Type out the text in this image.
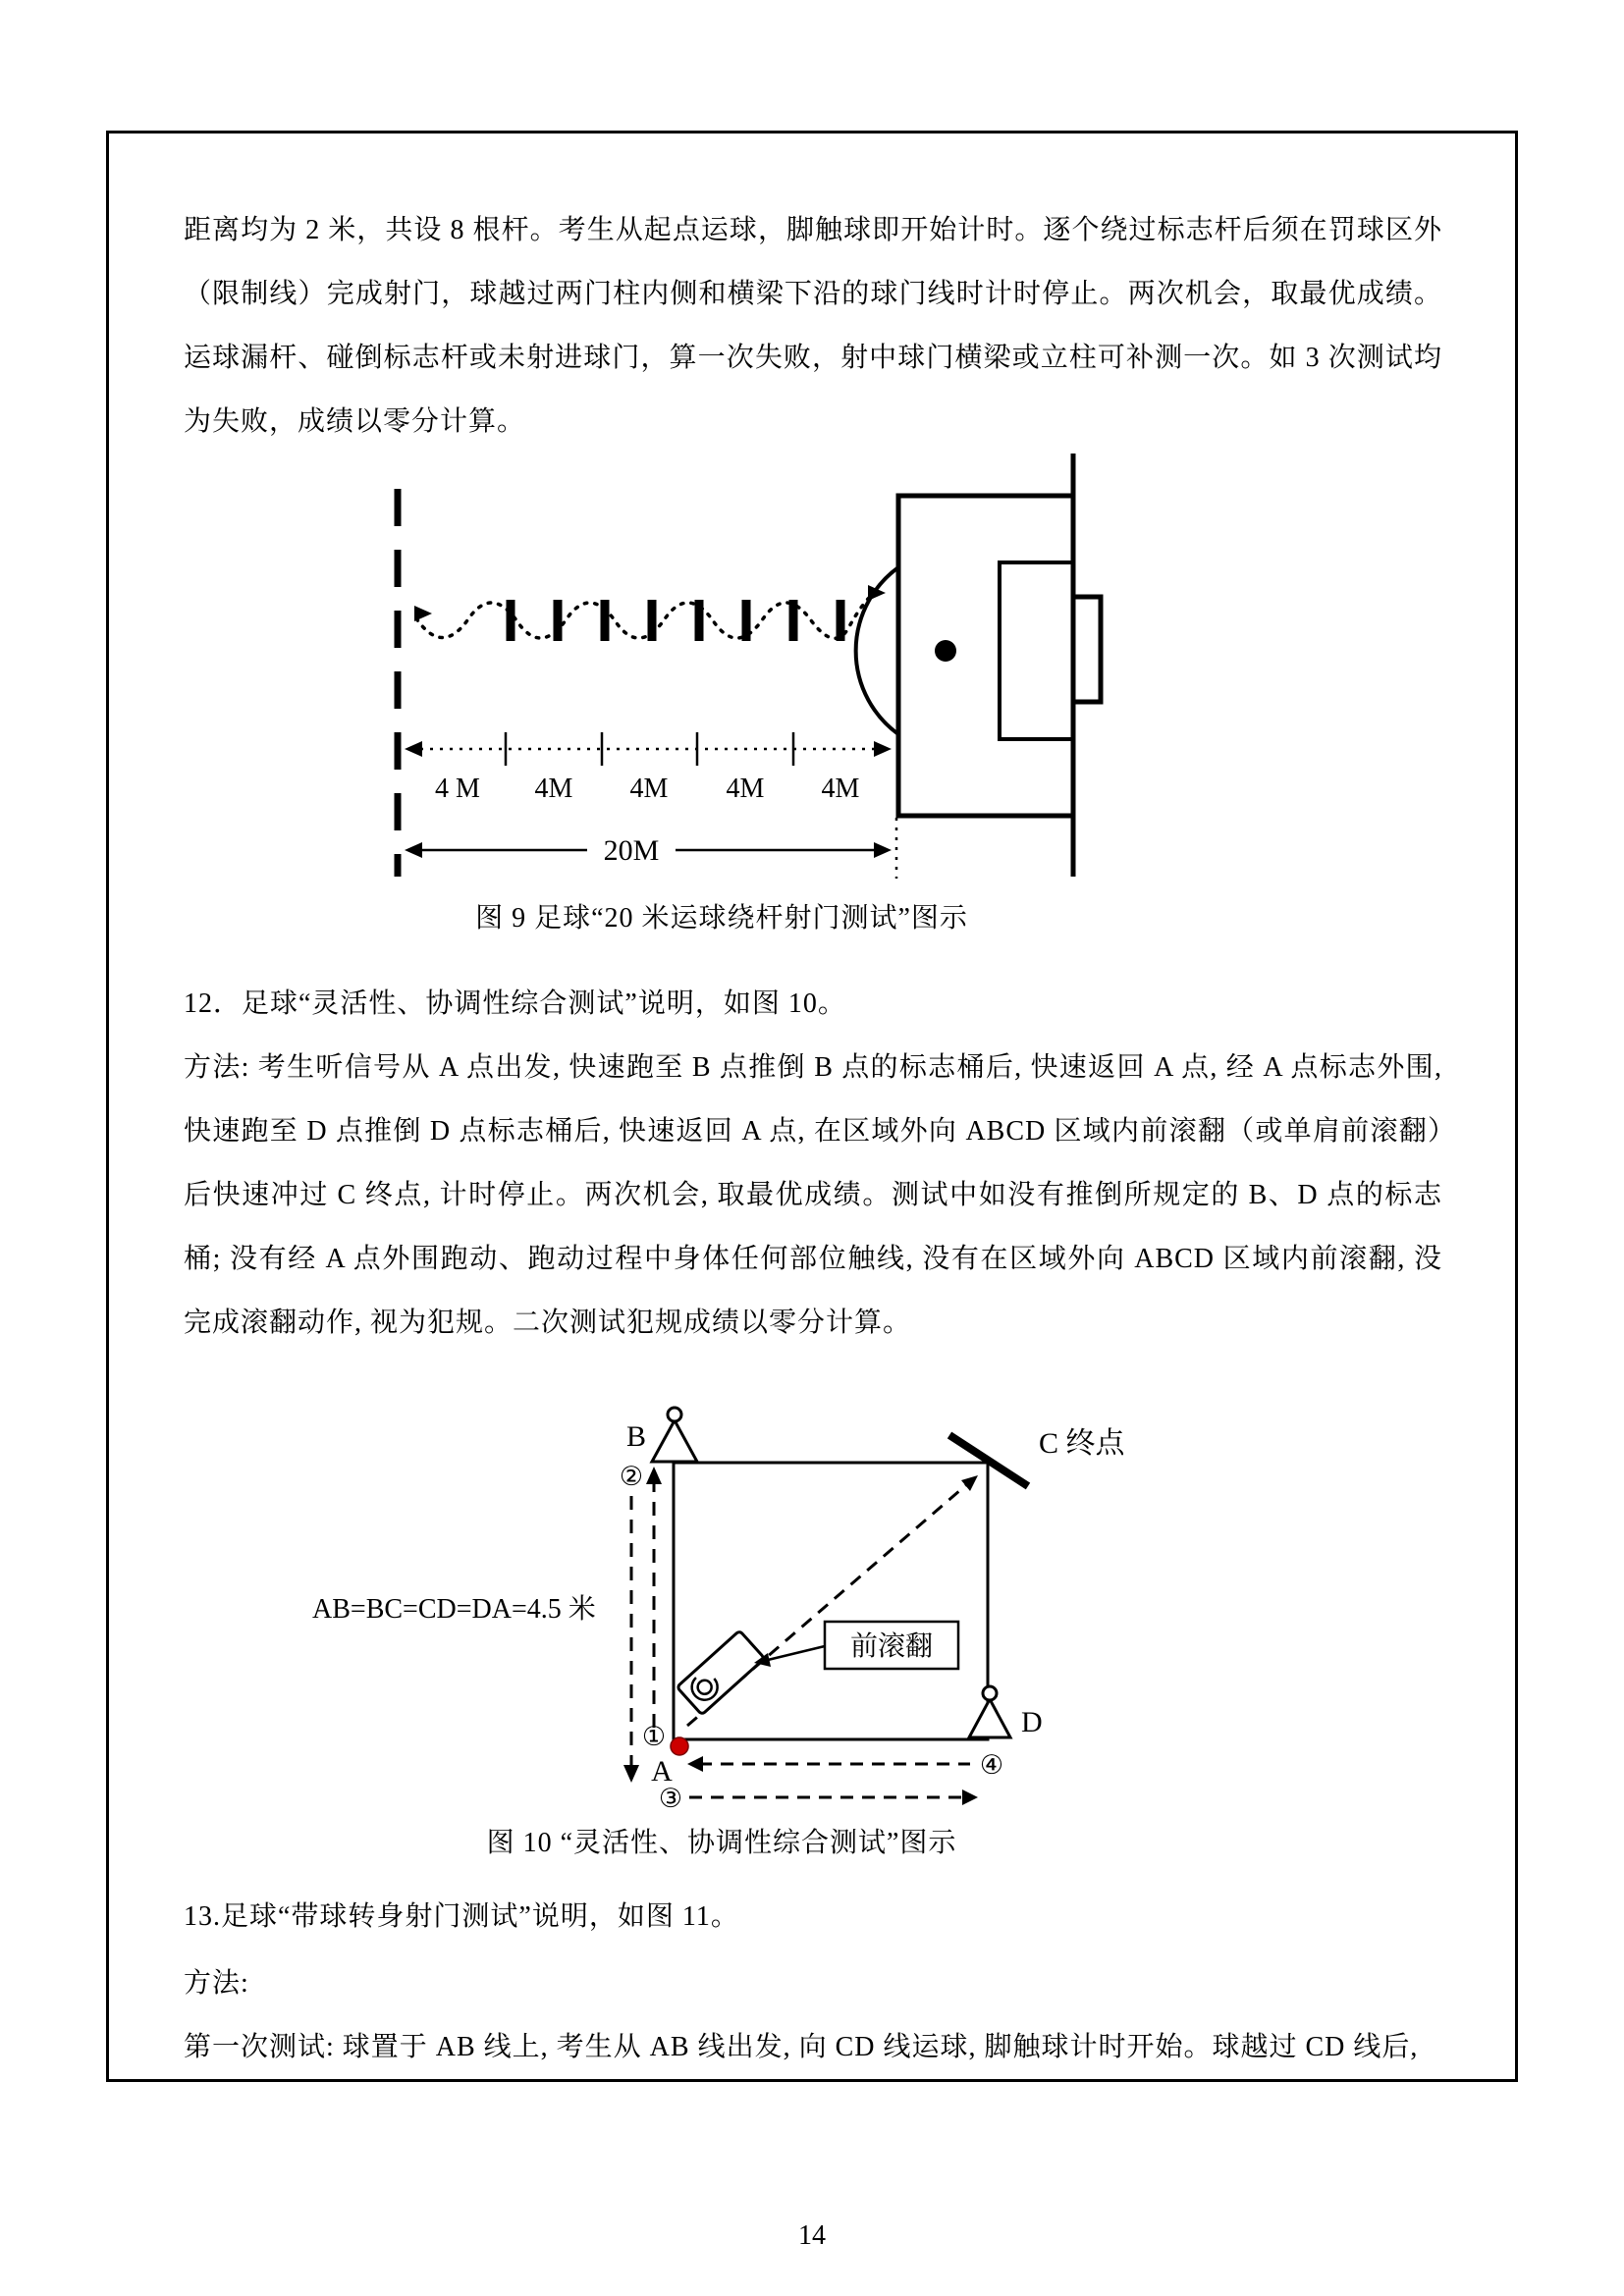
距离均为 2 米，共设 8 根杆。考生从起点运球，脚触球即开始计时。逐个绕过标志杆后须在罚球区外（限制线）完成射门，球越过两门柱内侧和横梁下沿的球门线时计时停止。两次机会，取最优成绩。运球漏杆、碰倒标志杆或未射进球门，算一次失败，射中球门横梁或立柱可补测一次。如 3 次测试均为失败，成绩以零分计算。
4 M 4M 4M 4M 4M
20M
图 9 足球“20 米运球绕杆射门测试”图示
12．足球“灵活性、协调性综合测试”说明，如图 10。
方法: 考生听信号从 A 点出发, 快速跑至 B 点推倒 B 点的标志桶后, 快速返回 A 点, 经 A 点标志外围, 快速跑至 D 点推倒 D 点标志桶后, 快速返回 A 点, 在区域外向 ABCD 区域内前滚翻（或单肩前滚翻）后快速冲过 C 终点, 计时停止。两次机会, 取最优成绩。测试中如没有推倒所规定的 B、D 点的标志桶; 没有经 A 点外围跑动、跑动过程中身体任何部位触线, 没有在区域外向 ABCD 区域内前滚翻, 没完成滚翻动作, 视为犯规。二次测试犯规成绩以零分计算。
B	C 终点
②
前滚翻
D
④
③
①
A
AB=BC=CD=DA=4.5 米
图 10 “灵活性、协调性综合测试”图示
13.足球“带球转身射门测试”说明，如图 11。
方法:
第一次测试: 球置于 AB 线上, 考生从 AB 线出发, 向 CD 线运球, 脚触球计时开始。球越过 CD 线后,
14
